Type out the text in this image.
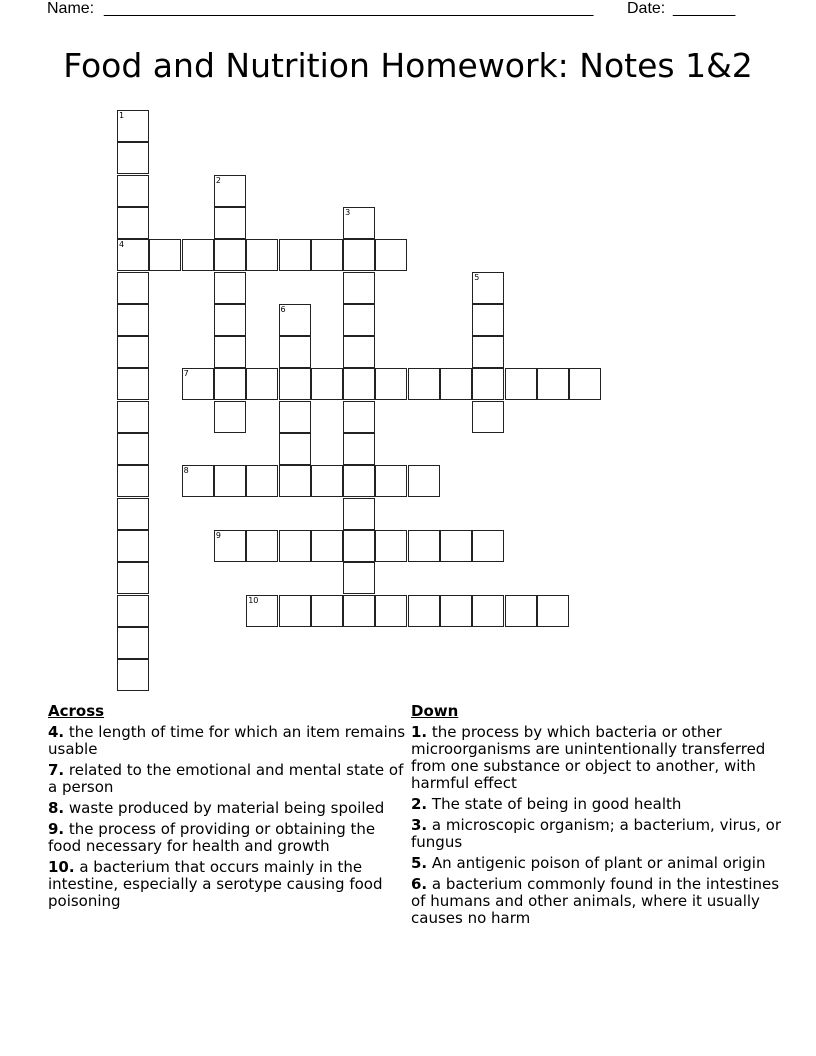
Name: _______________________________________________________ Date: _______
Food and Nutrition Homework: Notes 1&2
1
4
2
3
5
6
7
8
9
10
Across
4. the length of time for which an item remains usable
7. related to the emotional and mental state of a person
8. waste produced by material being spoiled
9. the process of providing or obtaining the food necessary for health and growth
10. a bacterium that occurs mainly in the intestine, especially a serotype causing food poisoning
Down
1. the process by which bacteria or other microorganisms are unintentionally transferred from one substance or object to another, with harmful effect
2. The state of being in good health
3. a microscopic organism; a bacterium, virus, or fungus
5. An antigenic poison of plant or animal origin
6. a bacterium commonly found in the intestines of humans and other animals, where it usually causes no harm
